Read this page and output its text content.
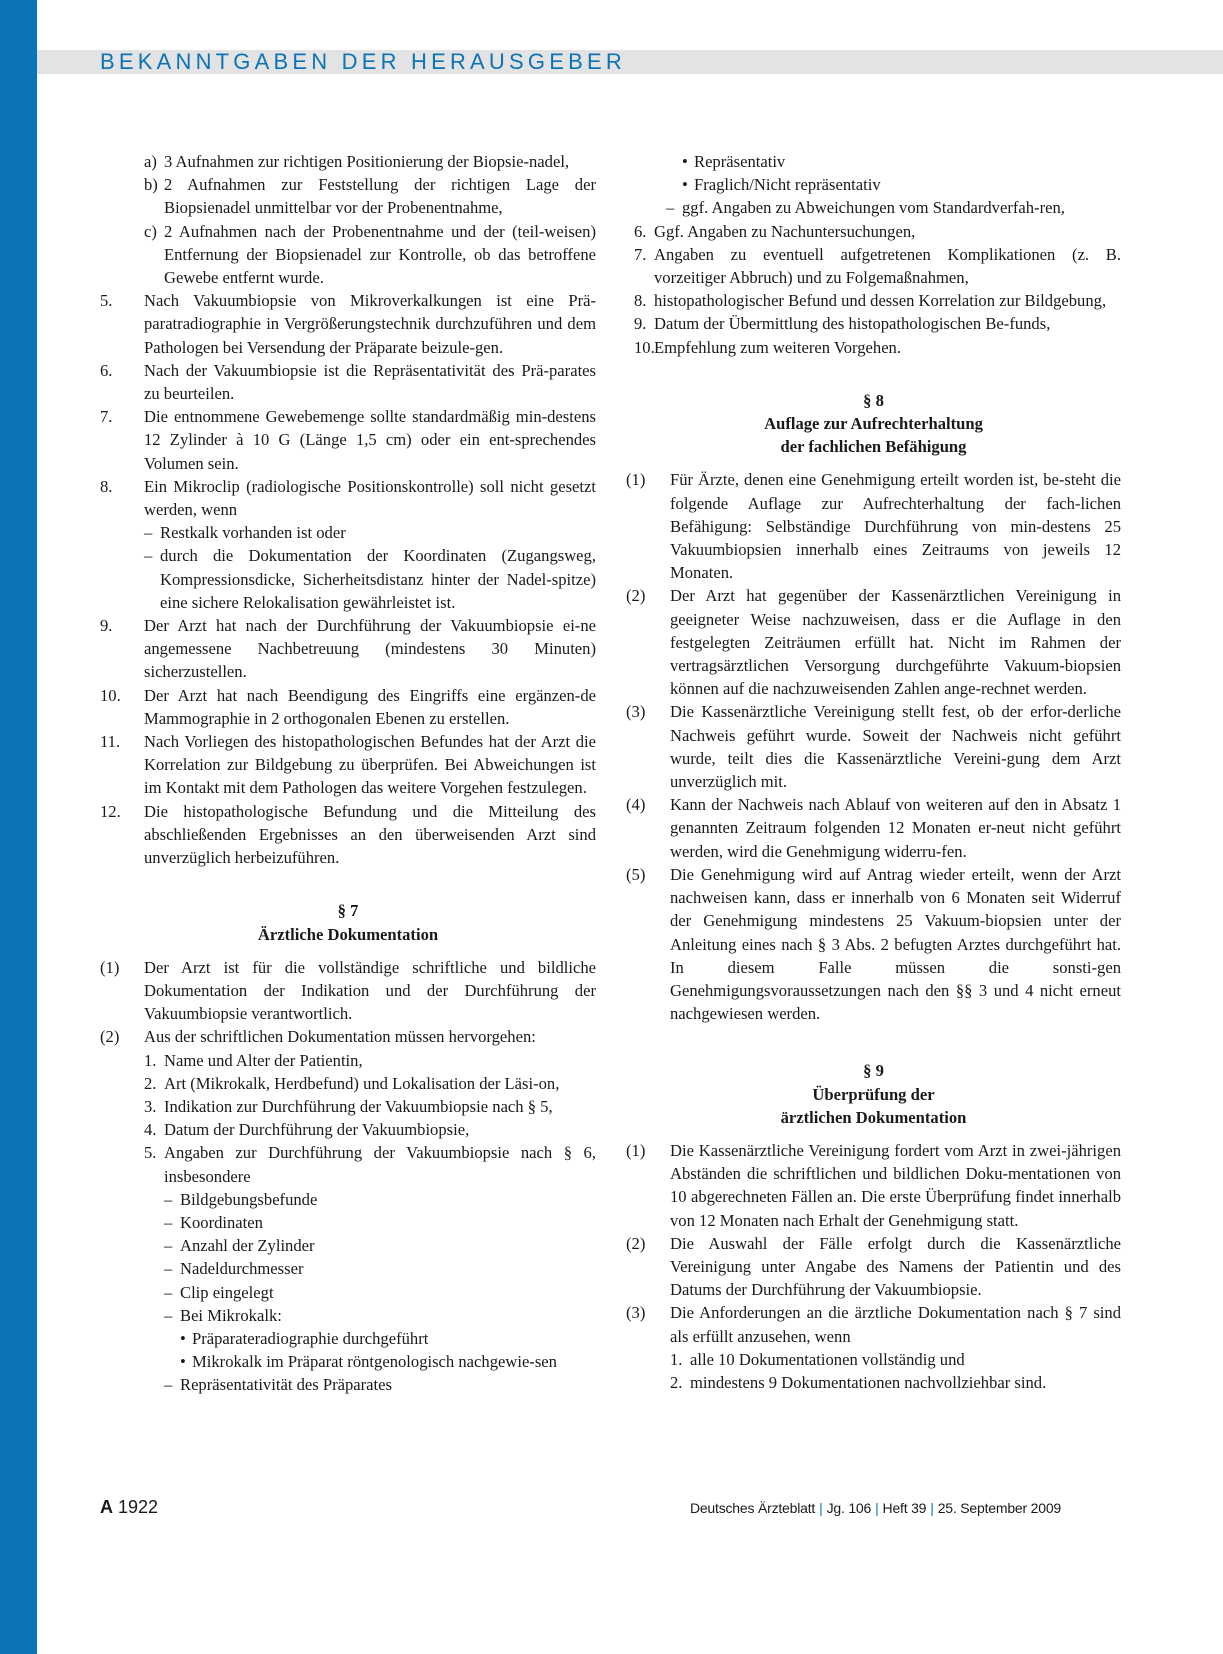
BEKANNTGABEN DER HERAUSGEBER
a) 3 Aufnahmen zur richtigen Positionierung der Biopsie-nadel,
b) 2 Aufnahmen zur Feststellung der richtigen Lage der Biopsienadel unmittelbar vor der Probenentnahme,
c) 2 Aufnahmen nach der Probenentnahme und der (teil-weisen) Entfernung der Biopsienadel zur Kontrolle, ob das betroffene Gewebe entfernt wurde.
5.	Nach Vakuumbiopsie von Mikroverkalkungen ist eine Prä-paratradiographie in Vergrößerungstechnik durchzuführen und dem Pathologen bei Versendung der Präparate beizule-gen.
6.	Nach der Vakuumbiopsie ist die Repräsentativität des Prä-parates zu beurteilen.
7.	Die entnommene Gewebemenge sollte standardmäßig min-destens 12 Zylinder à 10 G (Länge 1,5 cm) oder ein ent-sprechendes Volumen sein.
8.	Ein Mikroclip (radiologische Positionskontrolle) soll nicht gesetzt werden, wenn
– Restkalk vorhanden ist oder
– durch die Dokumentation der Koordinaten (Zugangsweg, Kompressionsdicke, Sicherheitsdistanz hinter der Nadel-spitze) eine sichere Relokalisation gewährleistet ist.
9.	Der Arzt hat nach der Durchführung der Vakuumbiopsie ei-ne angemessene Nachbetreuung (mindestens 30 Minuten) sicherzustellen.
10.	Der Arzt hat nach Beendigung des Eingriffs eine ergänzen-de Mammographie in 2 orthogonalen Ebenen zu erstellen.
11.	Nach Vorliegen des histopathologischen Befundes hat der Arzt die Korrelation zur Bildgebung zu überprüfen. Bei Abweichungen ist im Kontakt mit dem Pathologen das weitere Vorgehen festzulegen.
12.	Die histopathologische Befundung und die Mitteilung des abschließenden Ergebnisses an den überweisenden Arzt sind unverzüglich herbeizuführen.
§ 7
Ärztliche Dokumentation
(1)	Der Arzt ist für die vollständige schriftliche und bildliche Dokumentation der Indikation und der Durchführung der Vakuumbiopsie verantwortlich.
(2)	Aus der schriftlichen Dokumentation müssen hervorgehen:
1. Name und Alter der Patientin,
2. Art (Mikrokalk, Herdbefund) und Lokalisation der Läsi-on,
3. Indikation zur Durchführung der Vakuumbiopsie nach § 5,
4. Datum der Durchführung der Vakuumbiopsie,
5. Angaben zur Durchführung der Vakuumbiopsie nach § 6, insbesondere
– Bildgebungsbefunde
– Koordinaten
– Anzahl der Zylinder
– Nadeldurchmesser
– Clip eingelegt
– Bei Mikrokalk:
• Präparateradiographie durchgeführt
• Mikrokalk im Präparat röntgenologisch nachgewie-sen
– Repräsentativität des Präparates
• Repräsentativ
• Fraglich/Nicht repräsentativ
– ggf. Angaben zu Abweichungen vom Standardverfah-ren,
6. Ggf. Angaben zu Nachuntersuchungen,
7. Angaben zu eventuell aufgetretenen Komplikationen (z. B. vorzeitiger Abbruch) und zu Folgemaßnahmen,
8. histopathologischer Befund und dessen Korrelation zur Bildgebung,
9. Datum der Übermittlung des histopathologischen Be-funds,
10. Empfehlung zum weiteren Vorgehen.
§ 8
Auflage zur Aufrechterhaltung
der fachlichen Befähigung
(1)	Für Ärzte, denen eine Genehmigung erteilt worden ist, be-steht die folgende Auflage zur Aufrechterhaltung der fach-lichen Befähigung: Selbständige Durchführung von min-destens 25 Vakuumbiopsien innerhalb eines Zeitraums von jeweils 12 Monaten.
(2)	Der Arzt hat gegenüber der Kassenärztlichen Vereinigung in geeigneter Weise nachzuweisen, dass er die Auflage in den festgelegten Zeiträumen erfüllt hat. Nicht im Rahmen der vertragsärztlichen Versorgung durchgeführte Vakuum-biopsien können auf die nachzuweisenden Zahlen ange-rechnet werden.
(3)	Die Kassenärztliche Vereinigung stellt fest, ob der erfor-derliche Nachweis geführt wurde. Soweit der Nachweis nicht geführt wurde, teilt dies die Kassenärztliche Vereini-gung dem Arzt unverzüglich mit.
(4)	Kann der Nachweis nach Ablauf von weiteren auf den in Absatz 1 genannten Zeitraum folgenden 12 Monaten er-neut nicht geführt werden, wird die Genehmigung widerru-fen.
(5)	Die Genehmigung wird auf Antrag wieder erteilt, wenn der Arzt nachweisen kann, dass er innerhalb von 6 Monaten seit Widerruf der Genehmigung mindestens 25 Vakuum-biopsien unter der Anleitung eines nach § 3 Abs. 2 befugten Arztes durchgeführt hat. In diesem Falle müssen die sonsti-gen Genehmigungsvoraussetzungen nach den §§ 3 und 4 nicht erneut nachgewiesen werden.
§ 9
Überprüfung der
ärztlichen Dokumentation
(1)	Die Kassenärztliche Vereinigung fordert vom Arzt in zwei-jährigen Abständen die schriftlichen und bildlichen Doku-mentationen von 10 abgerechneten Fällen an. Die erste Überprüfung findet innerhalb von 12 Monaten nach Erhalt der Genehmigung statt.
(2)	Die Auswahl der Fälle erfolgt durch die Kassenärztliche Vereinigung unter Angabe des Namens der Patientin und des Datums der Durchführung der Vakuumbiopsie.
(3)	Die Anforderungen an die ärztliche Dokumentation nach § 7 sind als erfüllt anzusehen, wenn
1. alle 10 Dokumentationen vollständig und
2. mindestens 9 Dokumentationen nachvollziehbar sind.
A 1922	Deutsches Ärzteblatt | Jg. 106 | Heft 39 | 25. September 2009
